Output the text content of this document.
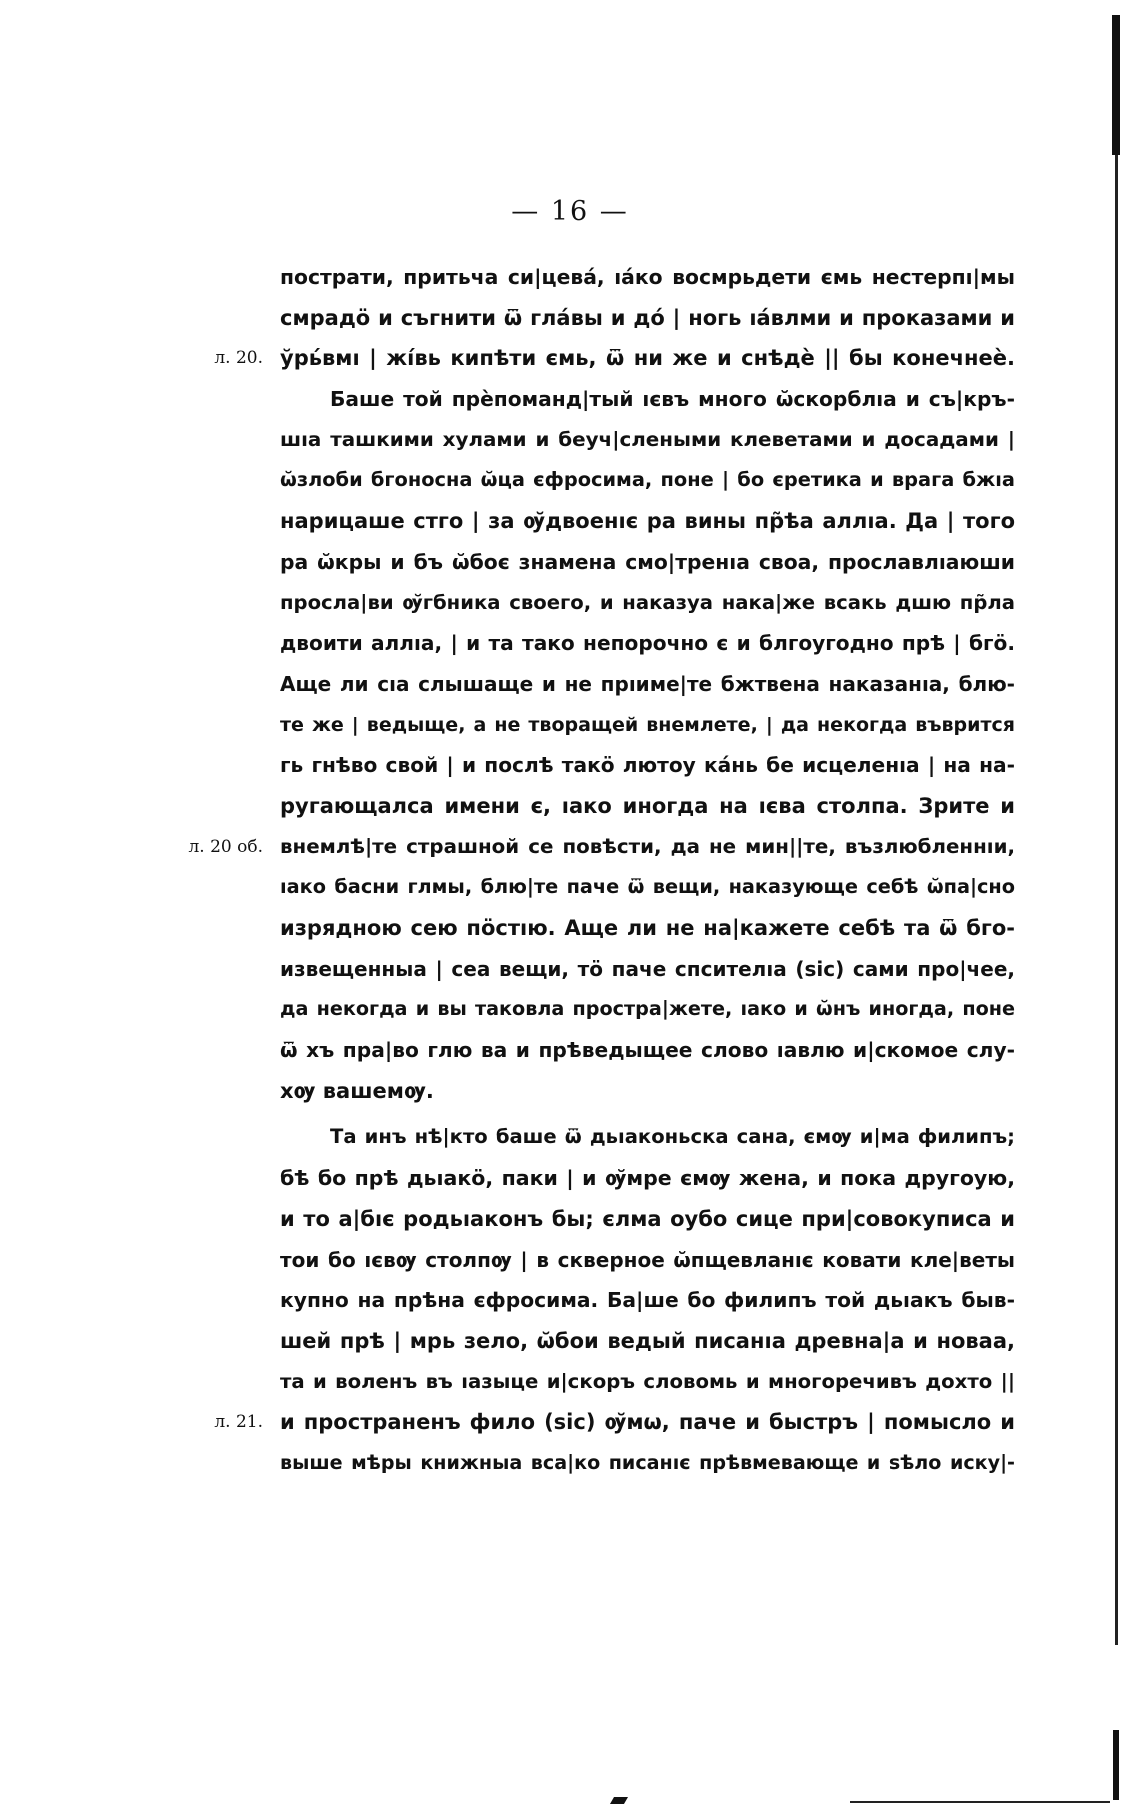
— 16 —
пострати, притьча си|цевá, ıáко восмрьдети ємь нестерпı|мы
смрадö и съгнити ѿ глáвы и дó | ногь ıáвлми и проказами и
л. 20. ўрь́вмı | жı́вь кипѣти ємь, ѿ ни же и снѣдѐ || бы конечнеѐ.
Баше той прѐпоманд|тый ıєвъ много ѡ̆скорблıа и съ|кръ-
шıа ташкими хулами и беуч|слеными клеветами и досадами |
ѡ̆злоби бгоносна ѡ̆ца єфросима, поне | бо єретика и врага бжıа
нарицаше стго | за ѹ̆двоенıє ра вины пр̃ѣа аллıа. Да | того
ра ѡ̆кры и бъ ѡ̆боє знамена смо|тренıа своа, прославлıаюши
просла|ви ѹ̆гбника своего, и наказуа нака|же всакь дшю пр̃ла
двоити аллıа, | и та тако непорочно є и блгоугодно прѣ | бгö.
Аще ли сıа слышаще и не прıиме|те бжтвена наказанıа, блю-
те же | ведыще, а не творащей внемлете, | да некогда въврится
гь гнѣво свой | и послѣ такö лютоу кáнь бе исцеленıа | на на-
ругающалса имени є, ıако иногда на ıєва столпа. Зрите и
л. 20 об. внемлѣ|те страшной се повѣсти, да не мин||те, възлюбленнıи,
ıако басни глмы, блю|те паче ѿ вещи, наказующе себѣ ѡ̆па|сно
изрядною сею пöстıю. Аще ли не на|кажете себѣ та ѿ бго-
извещенныа | сеа вещи, тö паче спсителıа (sic) сами про|чее,
да некогда и вы таковла простра|жете, ıако и ѡ̆нъ иногда, поне
ѿ хъ пра|во глю ва и прѣведыщее слово ıавлю и|скомое слу-
хѹ вашемѹ.
Та инъ нѣ|кто баше ѿ дьıаконьска сана, ємѹ и|ма филипъ;
бѣ бо прѣ дьıакö, паки | и ѹ̆мре ємѹ жена, и пока другоую,
и то а|бıє родьıаконъ бы; єлма оубо сице при|совокуписа и
тои бо ıєвѹ столпѹ | в скверное ѡ̆пщевланıє ковати кле|веты
купно на прѣна єфросима. Ба|ше бо филипъ той дьıакъ быв-
шей прѣ | мрь зело, ѡ̆бои ведый писанıа древна|а и новаа,
та и воленъ въ ıазыце и|скоръ словомь и многоречивъ дохто ||
л. 21. и пространенъ фило (sic) ѹ̆мѡ, паче и быстръ | помысло и
выше мѣры книжныа вса|ко писанıє прѣвмевающе и ѕѣло иску|-
